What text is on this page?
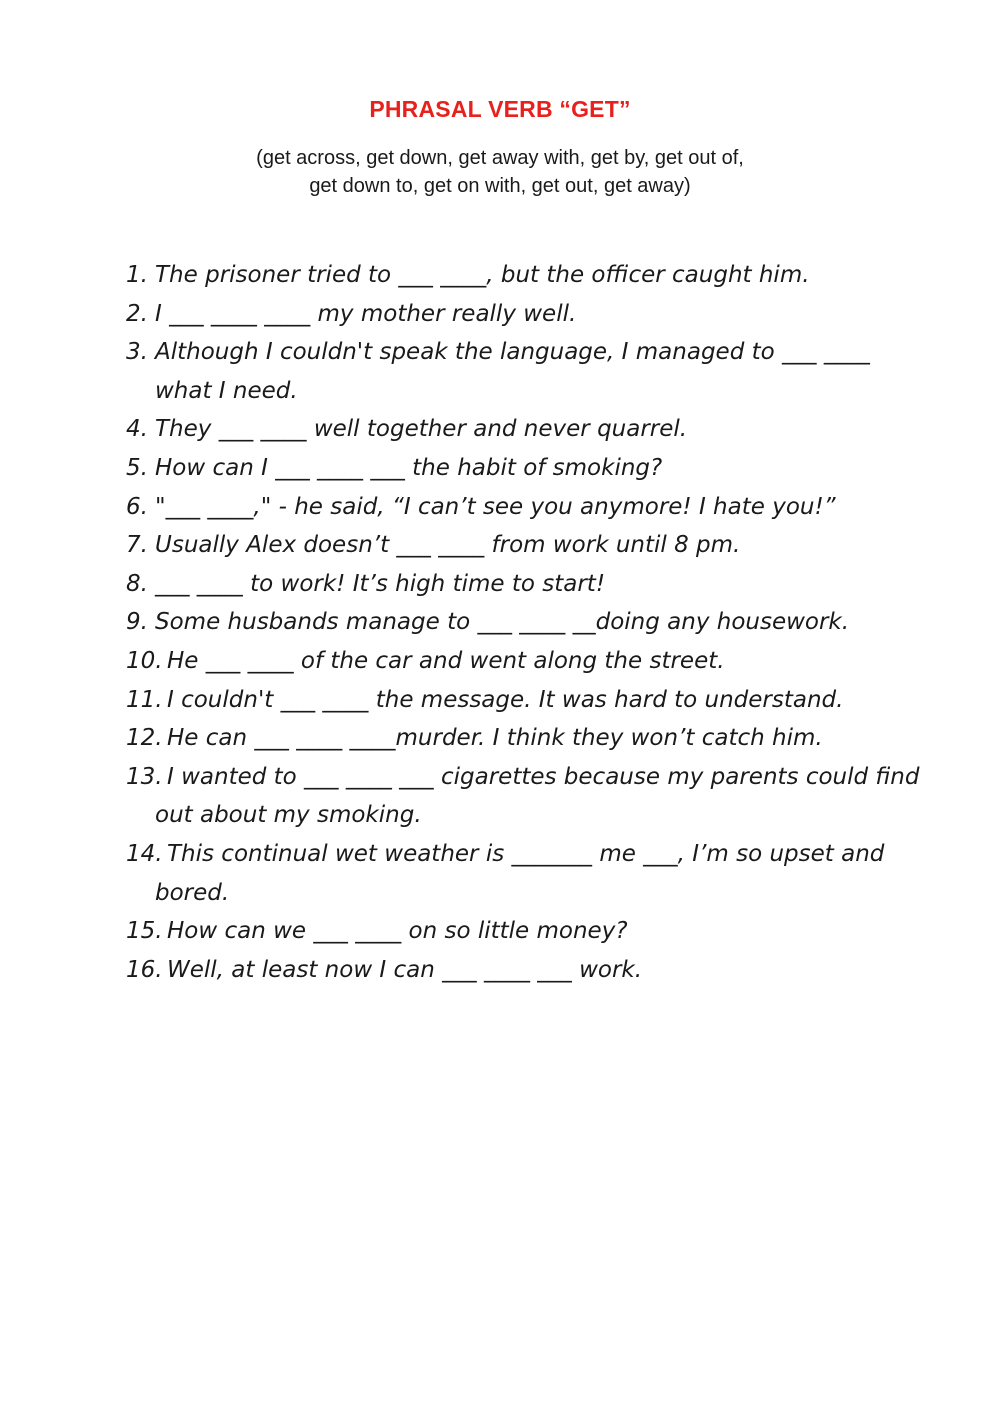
PHRASAL VERB “GET”
(get across, get down, get away with, get by, get out of,
get down to, get on with, get out, get away)
1. The prisoner tried to ___ ____, but the officer caught him.
2. I ___ ____ ____ my mother really well.
3. Although I couldn't speak the language, I managed to ___ ____
what I need.
4. They ___ ____ well together and never quarrel.
5. How can I ___ ____ ___ the habit of smoking?
6. "___ ____," - he said, “I can’t see you anymore! I hate you!”
7. Usually Alex doesn’t ___ ____ from work until 8 pm.
8. ___ ____ to work! It’s high time to start!
9. Some husbands manage to ___ ____ __doing any housework.
10. He ___ ____ of the car and went along the street.
11. I couldn't ___ ____ the message. It was hard to understand.
12. He can ___ ____ ____murder. I think they won’t catch him.
13. I wanted to ___ ____ ___ cigarettes because my parents could find
out about my smoking.
14. This continual wet weather is _______ me ___, I’m so upset and
bored.
15. How can we ___ ____ on so little money?
16. Well, at least now I can ___ ____ ___ work.
